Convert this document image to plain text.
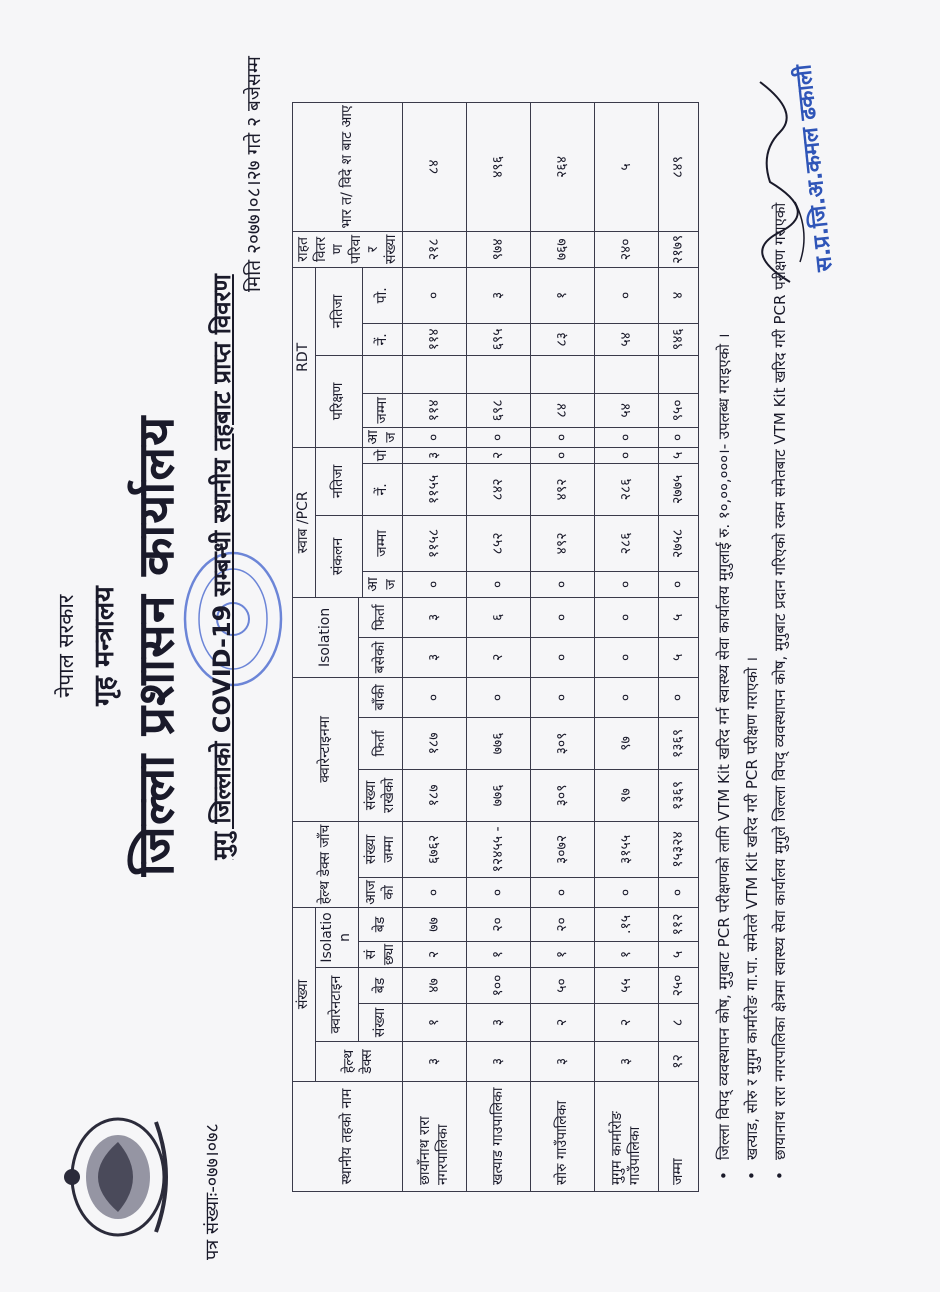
नेपाल सरकार गृह मन्त्रालय जिल्ला प्रशासन कार्यालय
पत्र संख्याः-०७७।०७८
मुगु जिल्लाको COVID-19 सम्बन्धी स्थानीय तहबाट प्राप्त विवरण
मिति २०७७।०८।२७ गते २ बजेसम्म
स्थानीय तहको नाम	संख्या					हेल्थ डेक्स जाँच		क्वारेन्टाइनमा			Isolation		स्वाब /PCR				RDT					राहत वितरण परिवार संख्या	भार त/ विदे श बाट आए
	हेल्थ डेक्स	क्वारेनटाइन		Isolation									संकलन		नतिजा		परिक्षण			नतिजा			
		संख्या	बेड	सं छ्या	बेड	आज को	संख्या जम्मा	संख्या राखेको	फिर्ता	बाँकी	बसेको	फिर्ता											
													आज	जम्मा	नें.	पो	आ ज	जम्मा		नें.	पो.		
छायाँनाथ रारा नगरपालिका	३	१	४७	२	७७	०	६७६२	१८७	१८७	०	३	३	०	११५८	११५५	३	०	११४		११४	०	२१८	८४
खत्याड गाउपालिका	३	३	१००	१	२०	०	१२४५५ -	७७६	७७६	०	२	६	०	८५२	८४२	२	०	६९८		६९५	३	९७४	४९६
सोरु गाउँपालिका	३	२	५०	१	२०	०	३०७२	३०९	३०९	०	०	०	०	४९२	४९२	०	०	८४		८३	१	७६७	२६४
मुगुम कार्मारोङ गाउँपालिका	३	२	५५	१	.१५	०	३१५५	९७	९७	०	०	०	०	२८६	२८६	०	०	५४		५४	०	२४०	५
जम्मा	१२	८	२५०	५	११२	०	१५३२४	१३६९	१३६९	०	५	५	०	२७५८	२७७५	५	०	९५०		९४६	४	२१७९	८४९
• जिल्ला विपद् व्यवस्थापन कोष, मुगुबाट PCR परीक्षणको लागि VTM Kit खरिद गर्न स्वास्थ्य सेवा कार्यालय मुगुलाई रु. १०,००,०००।- उपलब्ध गराइएको । • खत्याड, सोरु र मुगुम कार्मारोङ गा.पा. समेतले VTM Kit खरिद गरी PCR परीक्षण गराएको । • छायानाथ रारा नगरपालिका क्षेत्रमा स्वास्थ्य सेवा कार्यालय मुगुले जिल्ला विपद् व्यवस्थापन कोष, मुगुबाट प्रदान गरिएको रकम समेतबाट VTM Kit खरिद गरी PCR परीक्षण गराएको
स.प्र.जि.अ.कमल ढकाली
